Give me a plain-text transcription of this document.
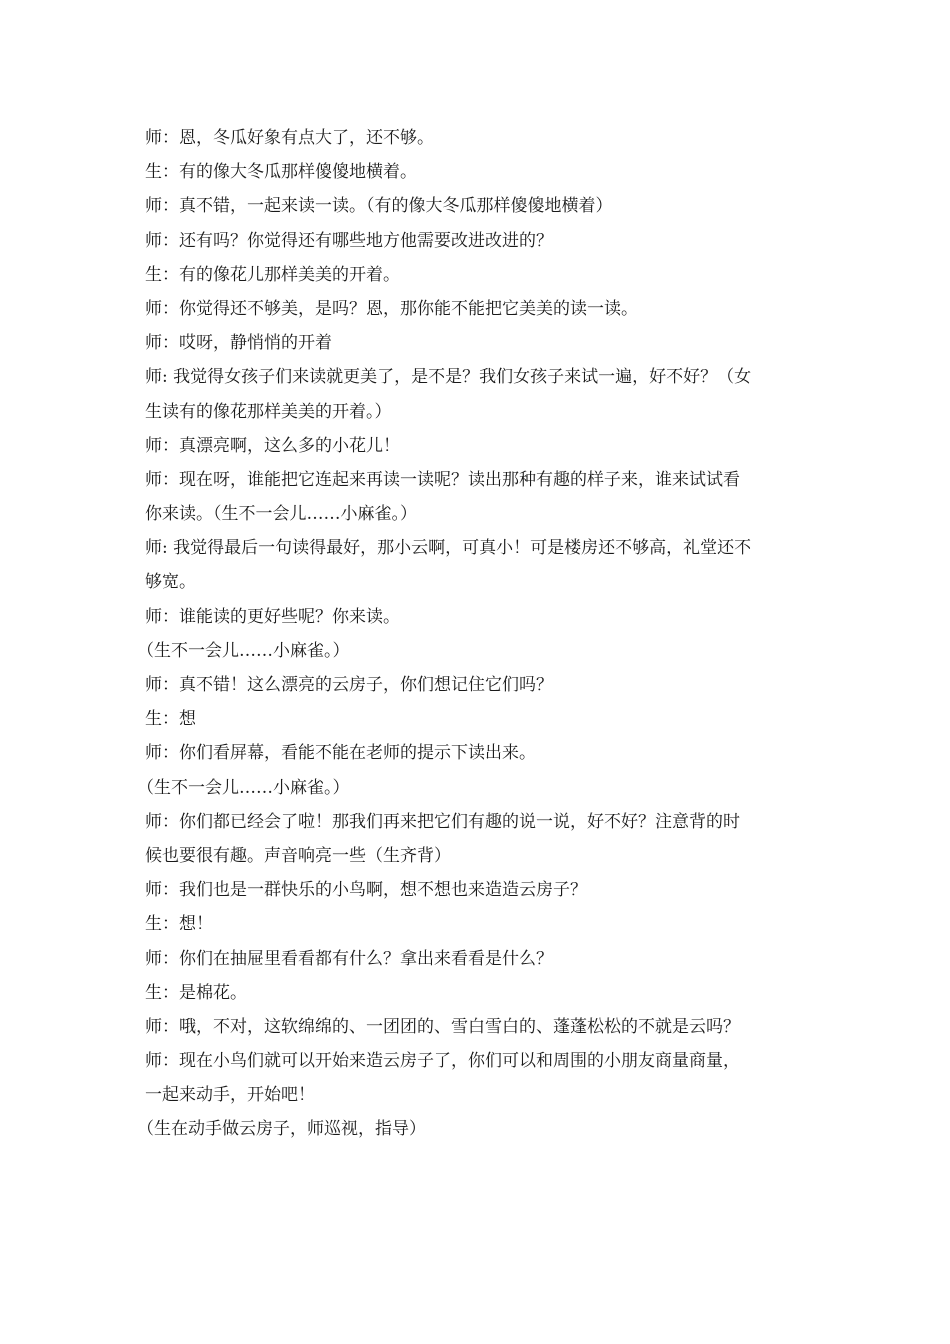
师：恩，冬瓜好象有点大了，还不够。
生：有的像大冬瓜那样傻傻地横着。
师：真不错，一起来读一读。（有的像大冬瓜那样傻傻地横着）
师：还有吗？你觉得还有哪些地方他需要改进改进的？
生：有的像花儿那样美美的开着。
师：你觉得还不够美，是吗？恩，那你能不能把它美美的读一读。
师：哎呀，静悄悄的开着
师: 我觉得女孩子们来读就更美了，是不是？我们女孩子来试一遍，好不好？（女
生读有的像花那样美美的开着。）
师：真漂亮啊，这么多的小花儿！
师：现在呀，谁能把它连起来再读一读呢？读出那种有趣的样子来，谁来试试看
你来读。（生不一会儿……小麻雀。）
师: 我觉得最后一句读得最好，那小云啊，可真小！可是楼房还不够高，礼堂还不
够宽。
师：谁能读的更好些呢？你来读。
（生不一会儿……小麻雀。）
师：真不错！这么漂亮的云房子，你们想记住它们吗？
生：想
师：你们看屏幕，看能不能在老师的提示下读出来。
（生不一会儿……小麻雀。）
师：你们都已经会了啦！那我们再来把它们有趣的说一说，好不好？注意背的时
候也要很有趣。声音响亮一些（生齐背）
师：我们也是一群快乐的小鸟啊，想不想也来造造云房子？
生：想！
师：你们在抽屉里看看都有什么？拿出来看看是什么？
生：是棉花。
师：哦，不对，这软绵绵的、一团团的、雪白雪白的、蓬蓬松松的不就是云吗？
师：现在小鸟们就可以开始来造云房子了，你们可以和周围的小朋友商量商量，
一起来动手，开始吧！
（生在动手做云房子，师巡视，指导）
